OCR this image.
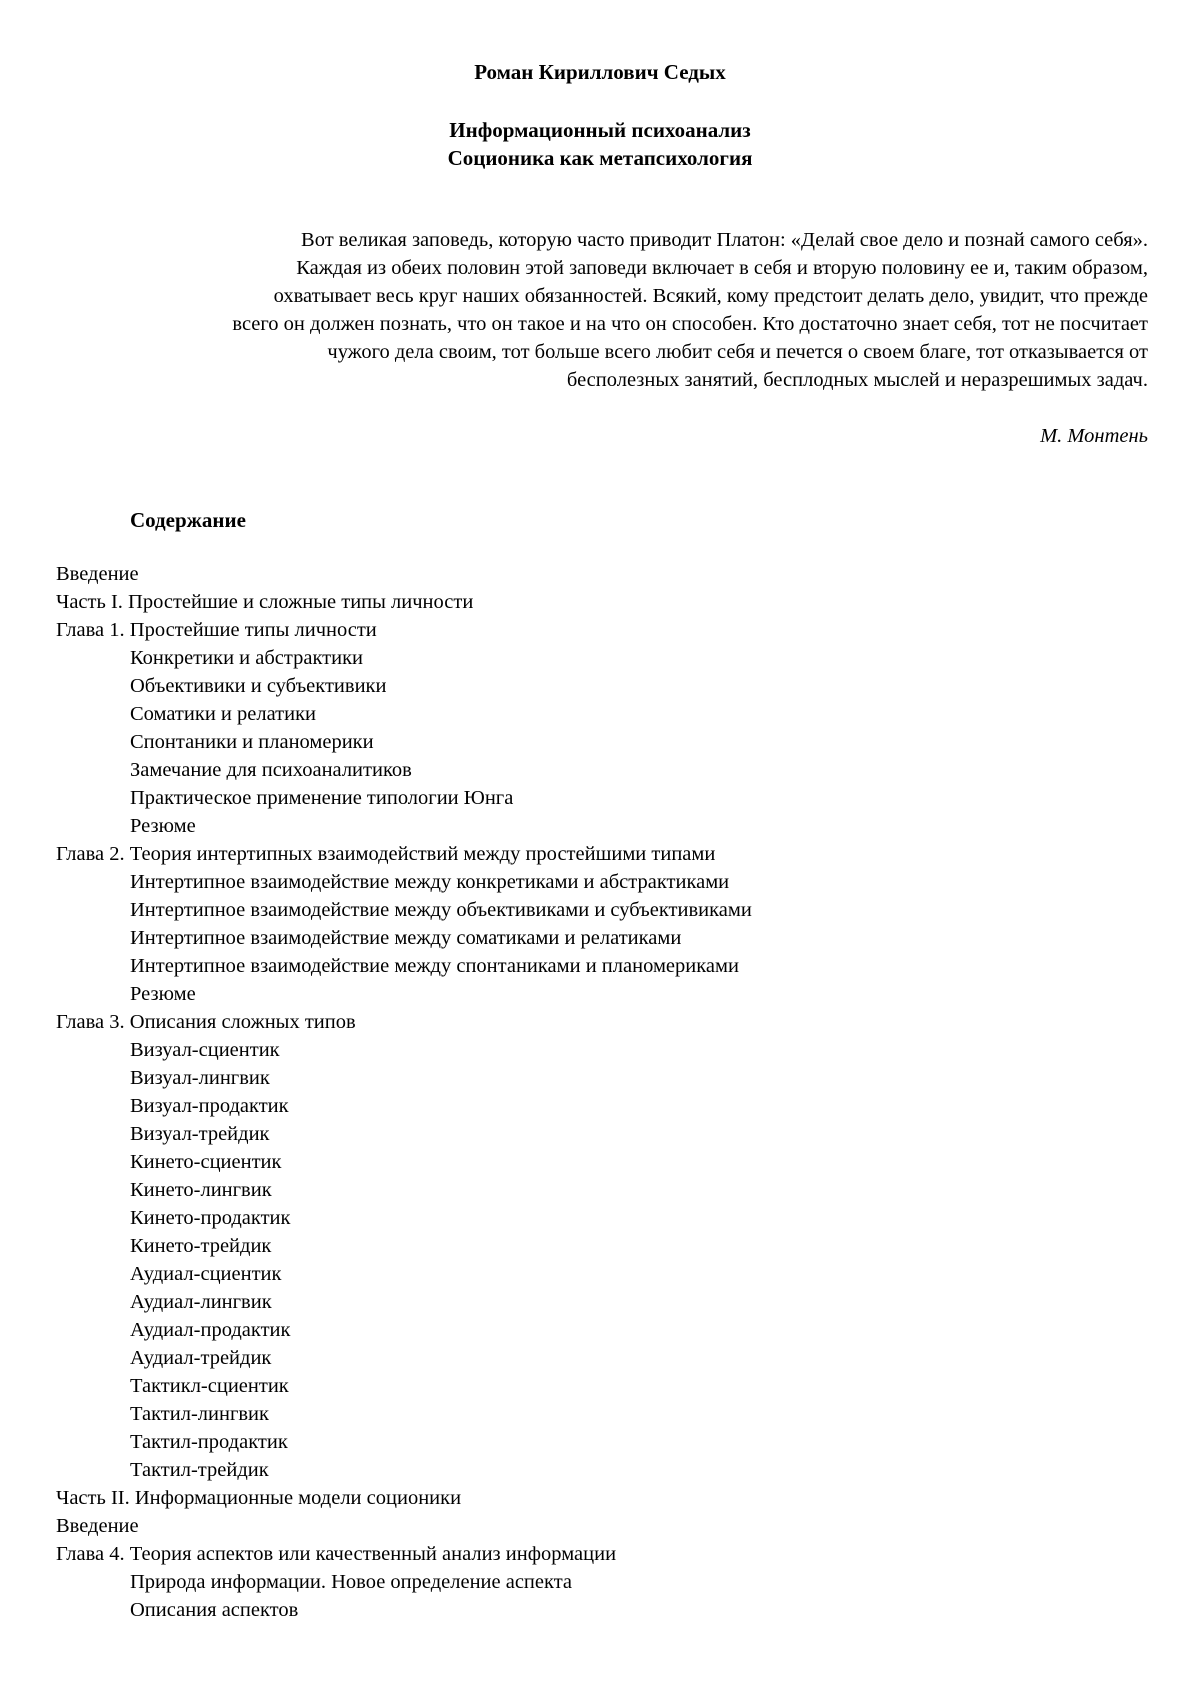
Роман Кириллович Седых
Информационный психоанализ
Соционика как метапсихология
Вот великая заповедь, которую часто приводит Платон: «Делай свое дело и познай самого себя».
Каждая из обеих половин этой заповеди включает в себя и вторую половину ее и, таким образом,
охватывает весь круг наших обязанностей. Всякий, кому предстоит делать дело, увидит, что прежде
всего он должен познать, что он такое и на что он способен. Кто достаточно знает себя, тот не посчитает
чужого дела своим, тот больше всего любит себя и печется о своем благе, тот отказывается от
бесполезных занятий, бесплодных мыслей и неразрешимых задач.
М. Монтень
Содержание
Введение
Часть I. Простейшие и сложные типы личности
Глава 1. Простейшие типы личности
Конкретики и абстрактики
Объективики и субъективики
Соматики и релатики
Спонтаники и планомерики
Замечание для психоаналитиков
Практическое применение типологии Юнга
Резюме
Глава 2. Теория интертипных взаимодействий между простейшими типами
Интертипное взаимодействие между конкретиками и абстрактиками
Интертипное взаимодействие между объективиками и субъективиками
Интертипное взаимодействие между соматиками и релатиками
Интертипное взаимодействие между спонтаниками и планомериками
Резюме
Глава 3. Описания сложных типов
Визуал-сциентик
Визуал-лингвик
Визуал-продактик
Визуал-трейдик
Кинето-сциентик
Кинето-лингвик
Кинето-продактик
Кинето-трейдик
Аудиал-сциентик
Аудиал-лингвик
Аудиал-продактик
Аудиал-трейдик
Тактикл-сциентик
Тактил-лингвик
Тактил-продактик
Тактил-трейдик
Часть II. Информационные модели соционики
Введение
Глава 4. Теория аспектов или качественный анализ информации
Природа информации. Новое определение аспекта
Описания аспектов
